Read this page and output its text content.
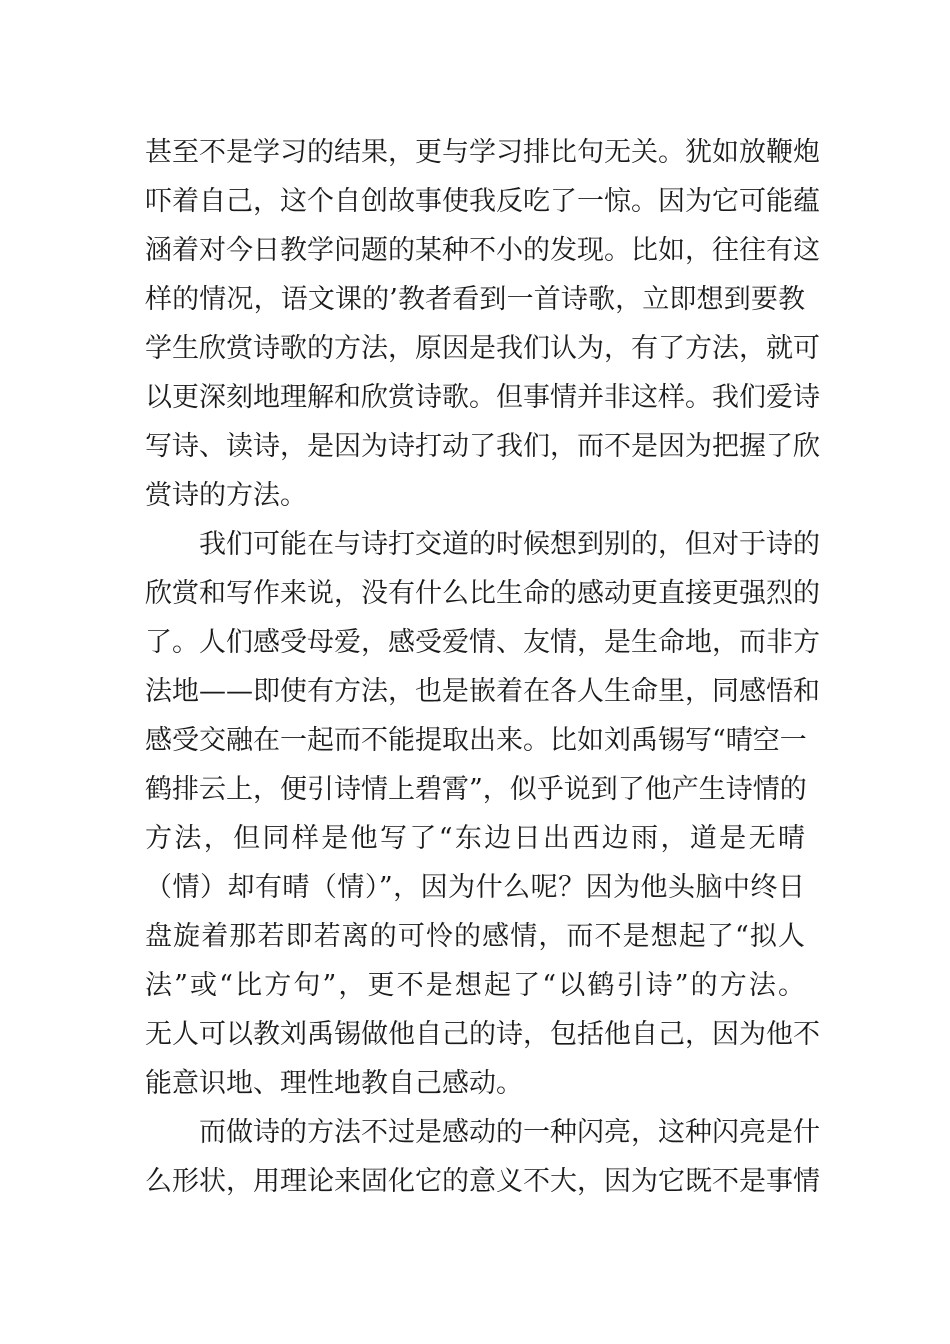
甚至不是学习的结果，更与学习排比句无关。犹如放鞭炮
吓着自己，这个自创故事使我反吃了一惊。因为它可能蕴
涵着对今日教学问题的某种不小的发现。比如，往往有这
样的情况，语文课的’教者看到一首诗歌，立即想到要教
学生欣赏诗歌的方法，原因是我们认为，有了方法，就可
以更深刻地理解和欣赏诗歌。但事情并非这样。我们爱诗
写诗、读诗，是因为诗打动了我们，而不是因为把握了欣
赏诗的方法。
我们可能在与诗打交道的时候想到别的，但对于诗的
欣赏和写作来说，没有什么比生命的感动更直接更强烈的
了。人们感受母爱，感受爱情、友情，是生命地，而非方
法地——即使有方法，也是嵌着在各人生命里，同感悟和
感受交融在一起而不能提取出来。比如刘禹锡写“晴空一
鹤排云上，便引诗情上碧霄”，似乎说到了他产生诗情的
方法，但同样是他写了“东边日出西边雨，道是无晴
（情）却有晴（情）”，因为什么呢？因为他头脑中终日
盘旋着那若即若离的可怜的感情，而不是想起了“拟人
法”或“比方句”，更不是想起了“以鹤引诗”的方法。
无人可以教刘禹锡做他自己的诗，包括他自己，因为他不
能意识地、理性地教自己感动。
而做诗的方法不过是感动的一种闪亮，这种闪亮是什
么形状，用理论来固化它的意义不大，因为它既不是事情
